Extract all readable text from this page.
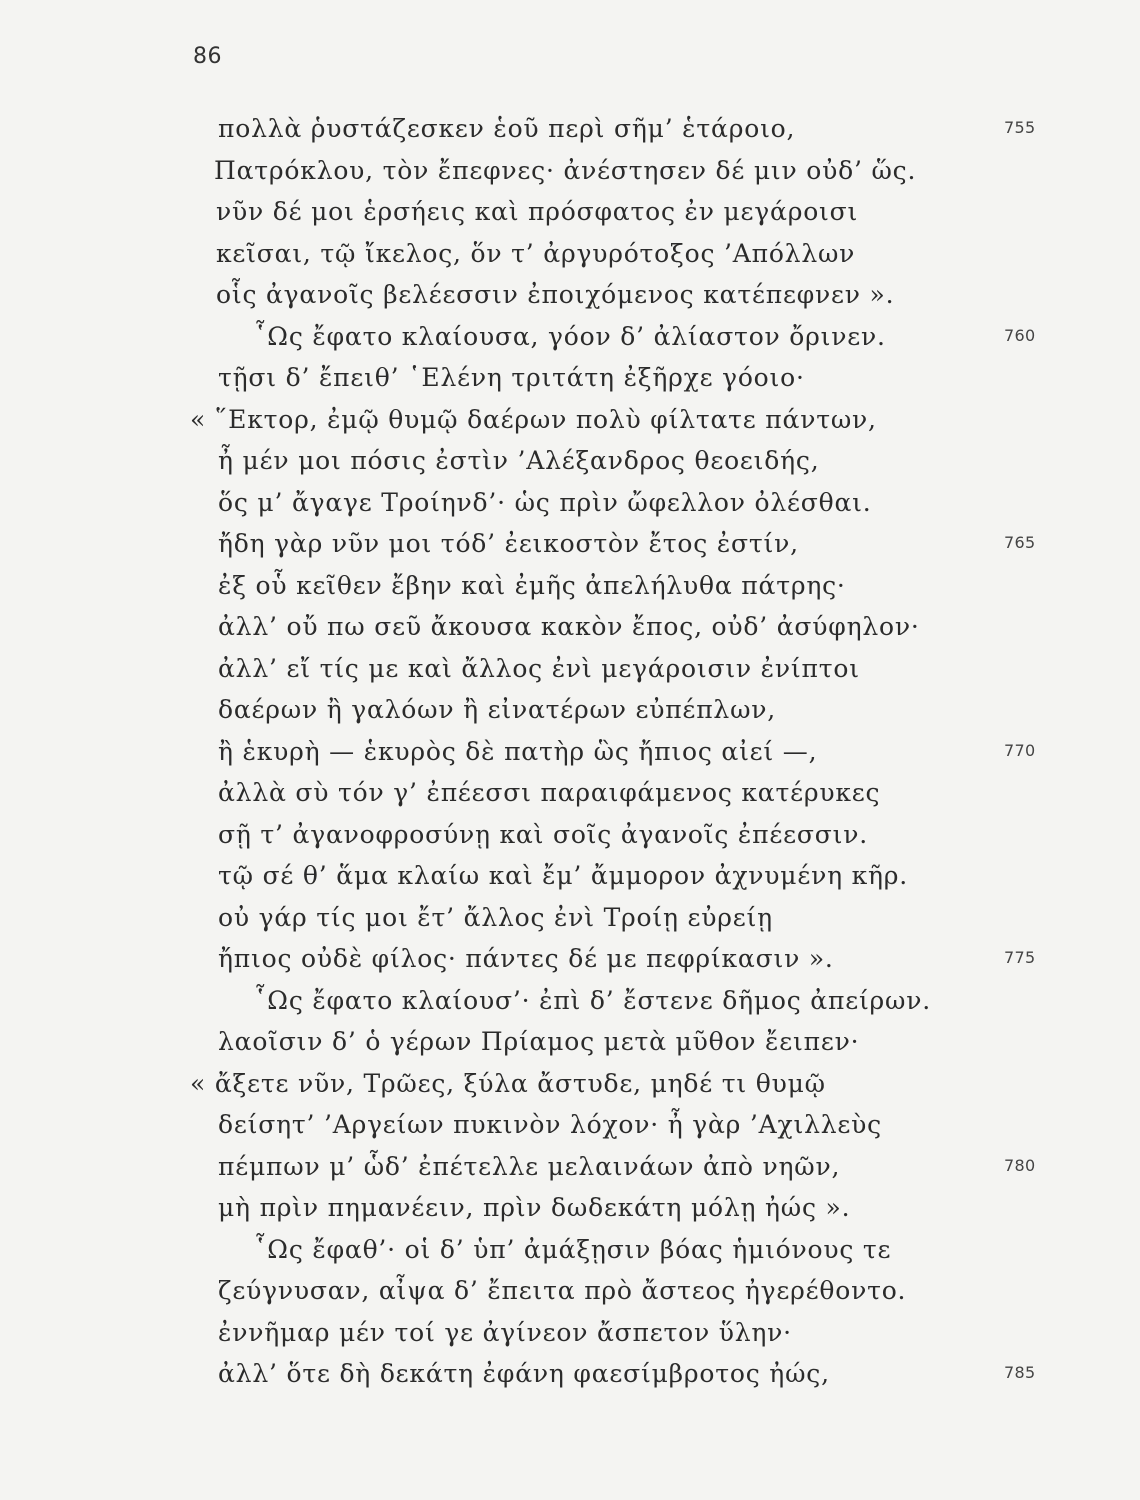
86
πολλὰ ῥυστάζεσκεν ἑοῦ περὶ σῆμ’ ἑτάροιο,	755
Πατρόκλου, τὸν ἔπεφνες· ἀνέστησεν δέ μιν οὐδ’ ὥς.
νῦν δέ μοι ἑρσήεις καὶ πρόσφατος ἐν μεγάροισι
κεῖσαι, τῷ ἴκελος, ὅν τ’ ἀργυρότοξος ’Απόλλων
οἷς ἀγανοῖς βελέεσσιν ἐποιχόμενος κατέπεφνεν ».
῟Ως ἔφατο κλαίουσα, γόον δ’ ἀλίαστον ὄρινεν.	760
τῇσι δ’ ἔπειθ’ ῾Ελένη τριτάτη ἐξῆρχε γόοιο·
« ῞Εκτορ, ἐμῷ θυμῷ δαέρων πολὺ φίλτατε πάντων,
ἦ μέν μοι πόσις ἐστὶν ’Αλέξανδρος θεοειδής,
ὅς μ’ ἄγαγε Τροίηνδ’· ὡς πρὶν ὤφελλον ὀλέσθαι.
ἤδη γὰρ νῦν μοι τόδ’ ἐεικοστὸν ἔτος ἐστίν,	765
ἐξ οὗ κεῖθεν ἔβην καὶ ἐμῆς ἀπελήλυθα πάτρης·
ἀλλ’ οὔ πω σεῦ ἄκουσα κακὸν ἔπος, οὐδ’ ἀσύφηλον·
ἀλλ’ εἴ τίς με καὶ ἄλλος ἐνὶ μεγάροισιν ἐνίπτοι
δαέρων ἢ γαλόων ἢ εἰνατέρων εὐπέπλων,
ἢ ἑκυρὴ — ἑκυρὸς δὲ πατὴρ ὣς ἤπιος αἰεί —,	770
ἀλλὰ σὺ τόν γ’ ἐπέεσσι παραιφάμενος κατέρυκες
σῇ τ’ ἀγανοφροσύνῃ καὶ σοῖς ἀγανοῖς ἐπέεσσιν.
τῷ σέ θ’ ἅμα κλαίω καὶ ἔμ’ ἄμμορον ἀχνυμένη κῆρ.
οὐ γάρ τίς μοι ἔτ’ ἄλλος ἐνὶ Τροίῃ εὐρείῃ
ἤπιος οὐδὲ φίλος· πάντες δέ με πεφρίκασιν ».	775
῟Ως ἔφατο κλαίουσ’· ἐπὶ δ’ ἔστενε δῆμος ἀπείρων.
λαοῖσιν δ’ ὁ γέρων Πρίαμος μετὰ μῦθον ἔειπεν·
« ἄξετε νῦν, Τρῶες, ξύλα ἄστυδε, μηδέ τι θυμῷ
δείσητ’ ’Αργείων πυκινὸν λόχον· ἦ γὰρ ’Αχιλλεὺς
πέμπων μ’ ὧδ’ ἐπέτελλε μελαινάων ἀπὸ νηῶν,	780
μὴ πρὶν πημανέειν, πρὶν δωδεκάτη μόλῃ ἠώς ».
῟Ως ἔφαθ’· οἱ δ’ ὑπ’ ἀμάξῃσιν βόας ἡμιόνους τε
ζεύγνυσαν, αἶψα δ’ ἔπειτα πρὸ ἄστεος ἠγερέθοντο.
ἐννῆμαρ μέν τοί γε ἀγίνεον ἄσπετον ὕλην·
ἀλλ’ ὅτε δὴ δεκάτη ἐφάνη φαεσίμβροτος ἠώς,	785
